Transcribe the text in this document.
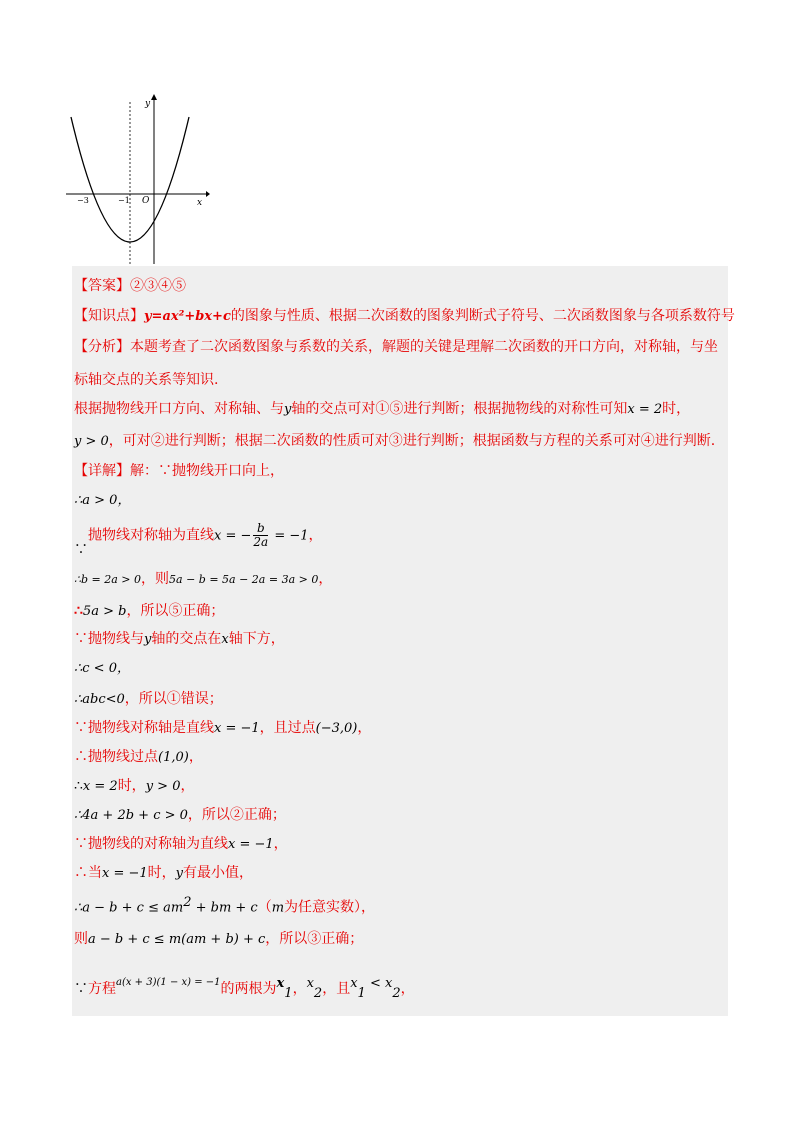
y
x
O
−3	−1
【答案】②③④⑤
【知识点】y=ax²+bx+c的图象与性质、根据二次函数的图象判断式子符号、二次函数图象与各项系数符号
【分析】本题考查了二次函数图象与系数的关系，解题的关键是理解二次函数的开口方向，对称轴，与坐
标轴交点的关系等知识.
根据抛物线开口方向、对称轴、与y轴的交点可对①⑤进行判断；根据抛物线的对称性可知x = 2时，
y > 0，可对②进行判断；根据二次函数的性质可对③进行判断；根据函数与方程的关系可对④进行判断.
【详解】解：∵抛物线开口向上，
∴a > 0，
∵抛物线对称轴为直线x = − $\frac{b}{2a} = -1$，
∴b = 2a > 0，则5a − b = 5a − 2a = 3a > 0，
∴5a > b，所以⑤正确；
∵抛物线与y轴的交点在x轴下方，
∴c < 0，
∴abc<0，所以①错误；
∵抛物线对称轴是直线x = −1，且过点(−3,0)，
∴抛物线过点(1,0)，
∴x = 2时，y > 0，
∴4a + 2b + c > 0，所以②正确；
∵抛物线的对称轴为直线x = −1，
∴当x = −1时，y有最小值，
∴a − $b + c \le am^2$ + bm + c（m为任意实数），
则a − b + c ≤ m(am + b) + c，所以③正确；
∵方程$^{a(x + 3)(1 - x) = -1}$的两根为$x_1$，$x_2$，且$x_1 < x_2$，
